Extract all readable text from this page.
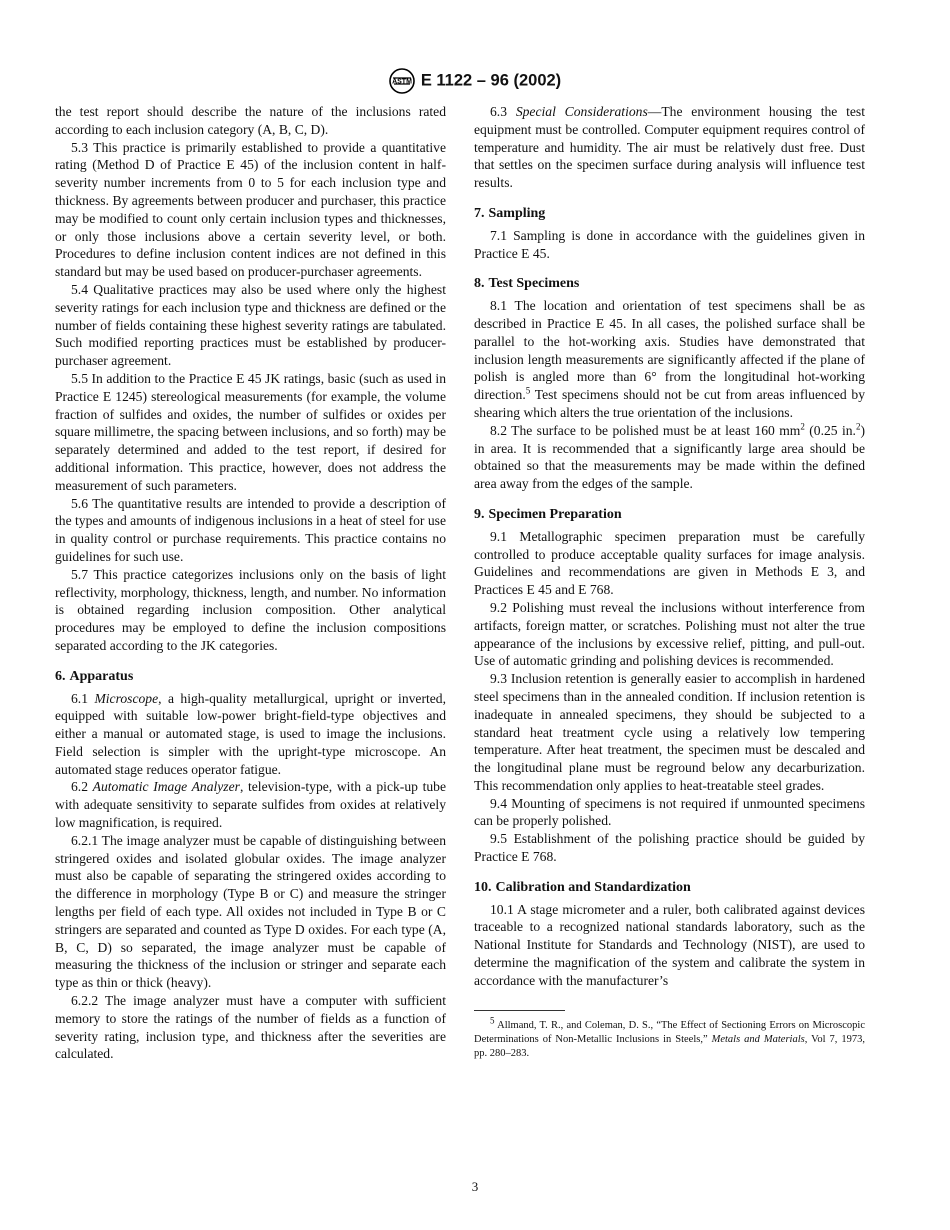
ASTM E 1122 – 96 (2002)

the test report should describe the nature of the inclusions rated according to each inclusion category (A, B, C, D).

5.3 This practice is primarily established to provide a quantitative rating (Method D of Practice E 45) of the inclusion content in half-severity number increments from 0 to 5 for each inclusion type and thickness. By agreements between producer and purchaser, this practice may be modified to count only certain inclusion types and thicknesses, or only those inclusions above a certain severity level, or both. Procedures to define inclusion content indices are not defined in this standard but may be used based on producer-purchaser agreements.

5.4 Qualitative practices may also be used where only the highest severity ratings for each inclusion type and thickness are defined or the number of fields containing these highest severity ratings are tabulated. Such modified reporting practices must be established by producer-purchaser agreement.

5.5 In addition to the Practice E 45 JK ratings, basic (such as used in Practice E 1245) stereological measurements (for example, the volume fraction of sulfides and oxides, the number of sulfides or oxides per square millimetre, the spacing between inclusions, and so forth) may be separately determined and added to the test report, if desired for additional information. This practice, however, does not address the measurement of such parameters.

5.6 The quantitative results are intended to provide a description of the types and amounts of indigenous inclusions in a heat of steel for use in quality control or purchase requirements. This practice contains no guidelines for such use.

5.7 This practice categorizes inclusions only on the basis of light reflectivity, morphology, thickness, length, and number. No information is obtained regarding inclusion composition. Other analytical procedures may be employed to define the inclusion compositions separated according to the JK categories.

6. Apparatus

6.1 Microscope, a high-quality metallurgical, upright or inverted, equipped with suitable low-power bright-field-type objectives and either a manual or automated stage, is used to image the inclusions. Field selection is simpler with the upright-type microscope. An automated stage reduces operator fatigue.

6.2 Automatic Image Analyzer, television-type, with a pick-up tube with adequate sensitivity to separate sulfides from oxides at relatively low magnification, is required.

6.2.1 The image analyzer must be capable of distinguishing between stringered oxides and isolated globular oxides. The image analyzer must also be capable of separating the stringered oxides according to the difference in morphology (Type B or C) and measure the stringer lengths per field of each type. All oxides not included in Type B or C stringers are separated and counted as Type D oxides. For each type (A, B, C, D) so separated, the image analyzer must be capable of measuring the thickness of the inclusion or stringer and separate each type as thin or thick (heavy).

6.2.2 The image analyzer must have a computer with sufficient memory to store the ratings of the number of fields as a function of severity rating, inclusion type, and thickness after the severities are calculated.

6.3 Special Considerations—The environment housing the test equipment must be controlled. Computer equipment requires control of temperature and humidity. The air must be relatively dust free. Dust that settles on the specimen surface during analysis will influence test results.

7. Sampling

7.1 Sampling is done in accordance with the guidelines given in Practice E 45.

8. Test Specimens

8.1 The location and orientation of test specimens shall be as described in Practice E 45. In all cases, the polished surface shall be parallel to the hot-working axis. Studies have demonstrated that inclusion length measurements are significantly affected if the plane of polish is angled more than 6° from the longitudinal hot-working direction.$^5$ Test specimens should not be cut from areas influenced by shearing which alters the true orientation of the inclusions.

8.2 The surface to be polished must be at least 160 $mm^2$ (0.25 in.$^2$) in area. It is recommended that a significantly large area should be obtained so that the measurements may be made within the defined area away from the edges of the sample.

9. Specimen Preparation

9.1 Metallographic specimen preparation must be carefully controlled to produce acceptable quality surfaces for image analysis. Guidelines and recommendations are given in Methods E 3, and Practices E 45 and E 768.

9.2 Polishing must reveal the inclusions without interference from artifacts, foreign matter, or scratches. Polishing must not alter the true appearance of the inclusions by excessive relief, pitting, and pull-out. Use of automatic grinding and polishing devices is recommended.

9.3 Inclusion retention is generally easier to accomplish in hardened steel specimens than in the annealed condition. If inclusion retention is inadequate in annealed specimens, they should be subjected to a standard heat treatment cycle using a relatively low tempering temperature. After heat treatment, the specimen must be descaled and the longitudinal plane must be reground below any decarburization. This recommendation only applies to heat-treatable steel grades.

9.4 Mounting of specimens is not required if unmounted specimens can be properly polished.

9.5 Establishment of the polishing practice should be guided by Practice E 768.

10. Calibration and Standardization

10.1 A stage micrometer and a ruler, both calibrated against devices traceable to a recognized national standards laboratory, such as the National Institute for Standards and Technology (NIST), are used to determine the magnification of the system and calibrate the system in accordance with the manufacturer’s

$^5$ Allmand, T. R., and Coleman, D. S., “The Effect of Sectioning Errors on Microscopic Determinations of Non-Metallic Inclusions in Steels,” Metals and Materials, Vol 7, 1973, pp. 280–283.

3
